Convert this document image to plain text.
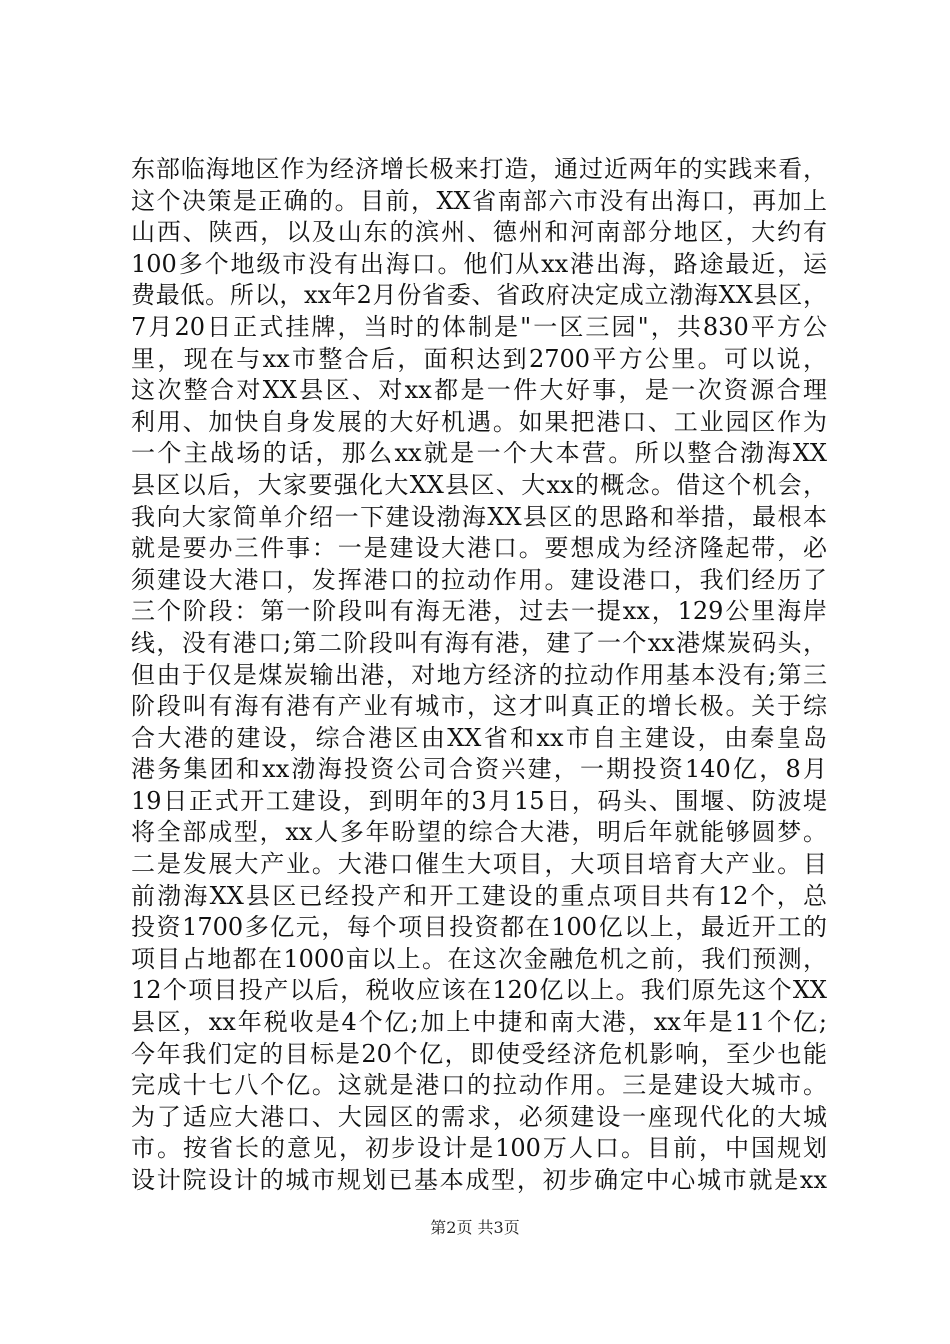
东部临海地区作为经济增长极来打造，通过近两年的实践来看，
这个决策是正确的。目前，XX省南部六市没有出海口，再加上
山西、陕西，以及山东的滨州、德州和河南部分地区，大约有
100多个地级市没有出海口。他们从xx港出海，路途最近，运
费最低。所以，xx年2月份省委、省政府决定成立渤海XX县区，
7月20日正式挂牌，当时的体制是"一区三园"，共830平方公
里，现在与xx市整合后，面积达到2700平方公里。可以说，
这次整合对XX县区、对xx都是一件大好事，是一次资源合理
利用、加快自身发展的大好机遇。如果把港口、工业园区作为
一个主战场的话，那么xx就是一个大本营。所以整合渤海XX
县区以后，大家要强化大XX县区、大xx的概念。借这个机会，
我向大家简单介绍一下建设渤海XX县区的思路和举措，最根本
就是要办三件事：一是建设大港口。要想成为经济隆起带，必
须建设大港口，发挥港口的拉动作用。建设港口，我们经历了
三个阶段：第一阶段叫有海无港，过去一提xx，129公里海岸
线，没有港口;第二阶段叫有海有港，建了一个xx港煤炭码头，
但由于仅是煤炭输出港，对地方经济的拉动作用基本没有;第三
阶段叫有海有港有产业有城市，这才叫真正的增长极。关于综
合大港的建设，综合港区由XX省和xx市自主建设，由秦皇岛
港务集团和xx渤海投资公司合资兴建，一期投资140亿，8月
19日正式开工建设，到明年的3月15日，码头、围堰、防波堤
将全部成型，xx人多年盼望的综合大港，明后年就能够圆梦。
二是发展大产业。大港口催生大项目，大项目培育大产业。目
前渤海XX县区已经投产和开工建设的重点项目共有12个，总
投资1700多亿元，每个项目投资都在100亿以上，最近开工的
项目占地都在1000亩以上。在这次金融危机之前，我们预测，
12个项目投产以后，税收应该在120亿以上。我们原先这个XX
县区，xx年税收是4个亿;加上中捷和南大港，xx年是11个亿;
今年我们定的目标是20个亿，即使受经济危机影响，至少也能
完成十七八个亿。这就是港口的拉动作用。三是建设大城市。
为了适应大港口、大园区的需求，必须建设一座现代化的大城
市。按省长的意见，初步设计是100万人口。目前，中国规划
设计院设计的城市规划已基本成型，初步确定中心城市就是xx
第2页 共3页
